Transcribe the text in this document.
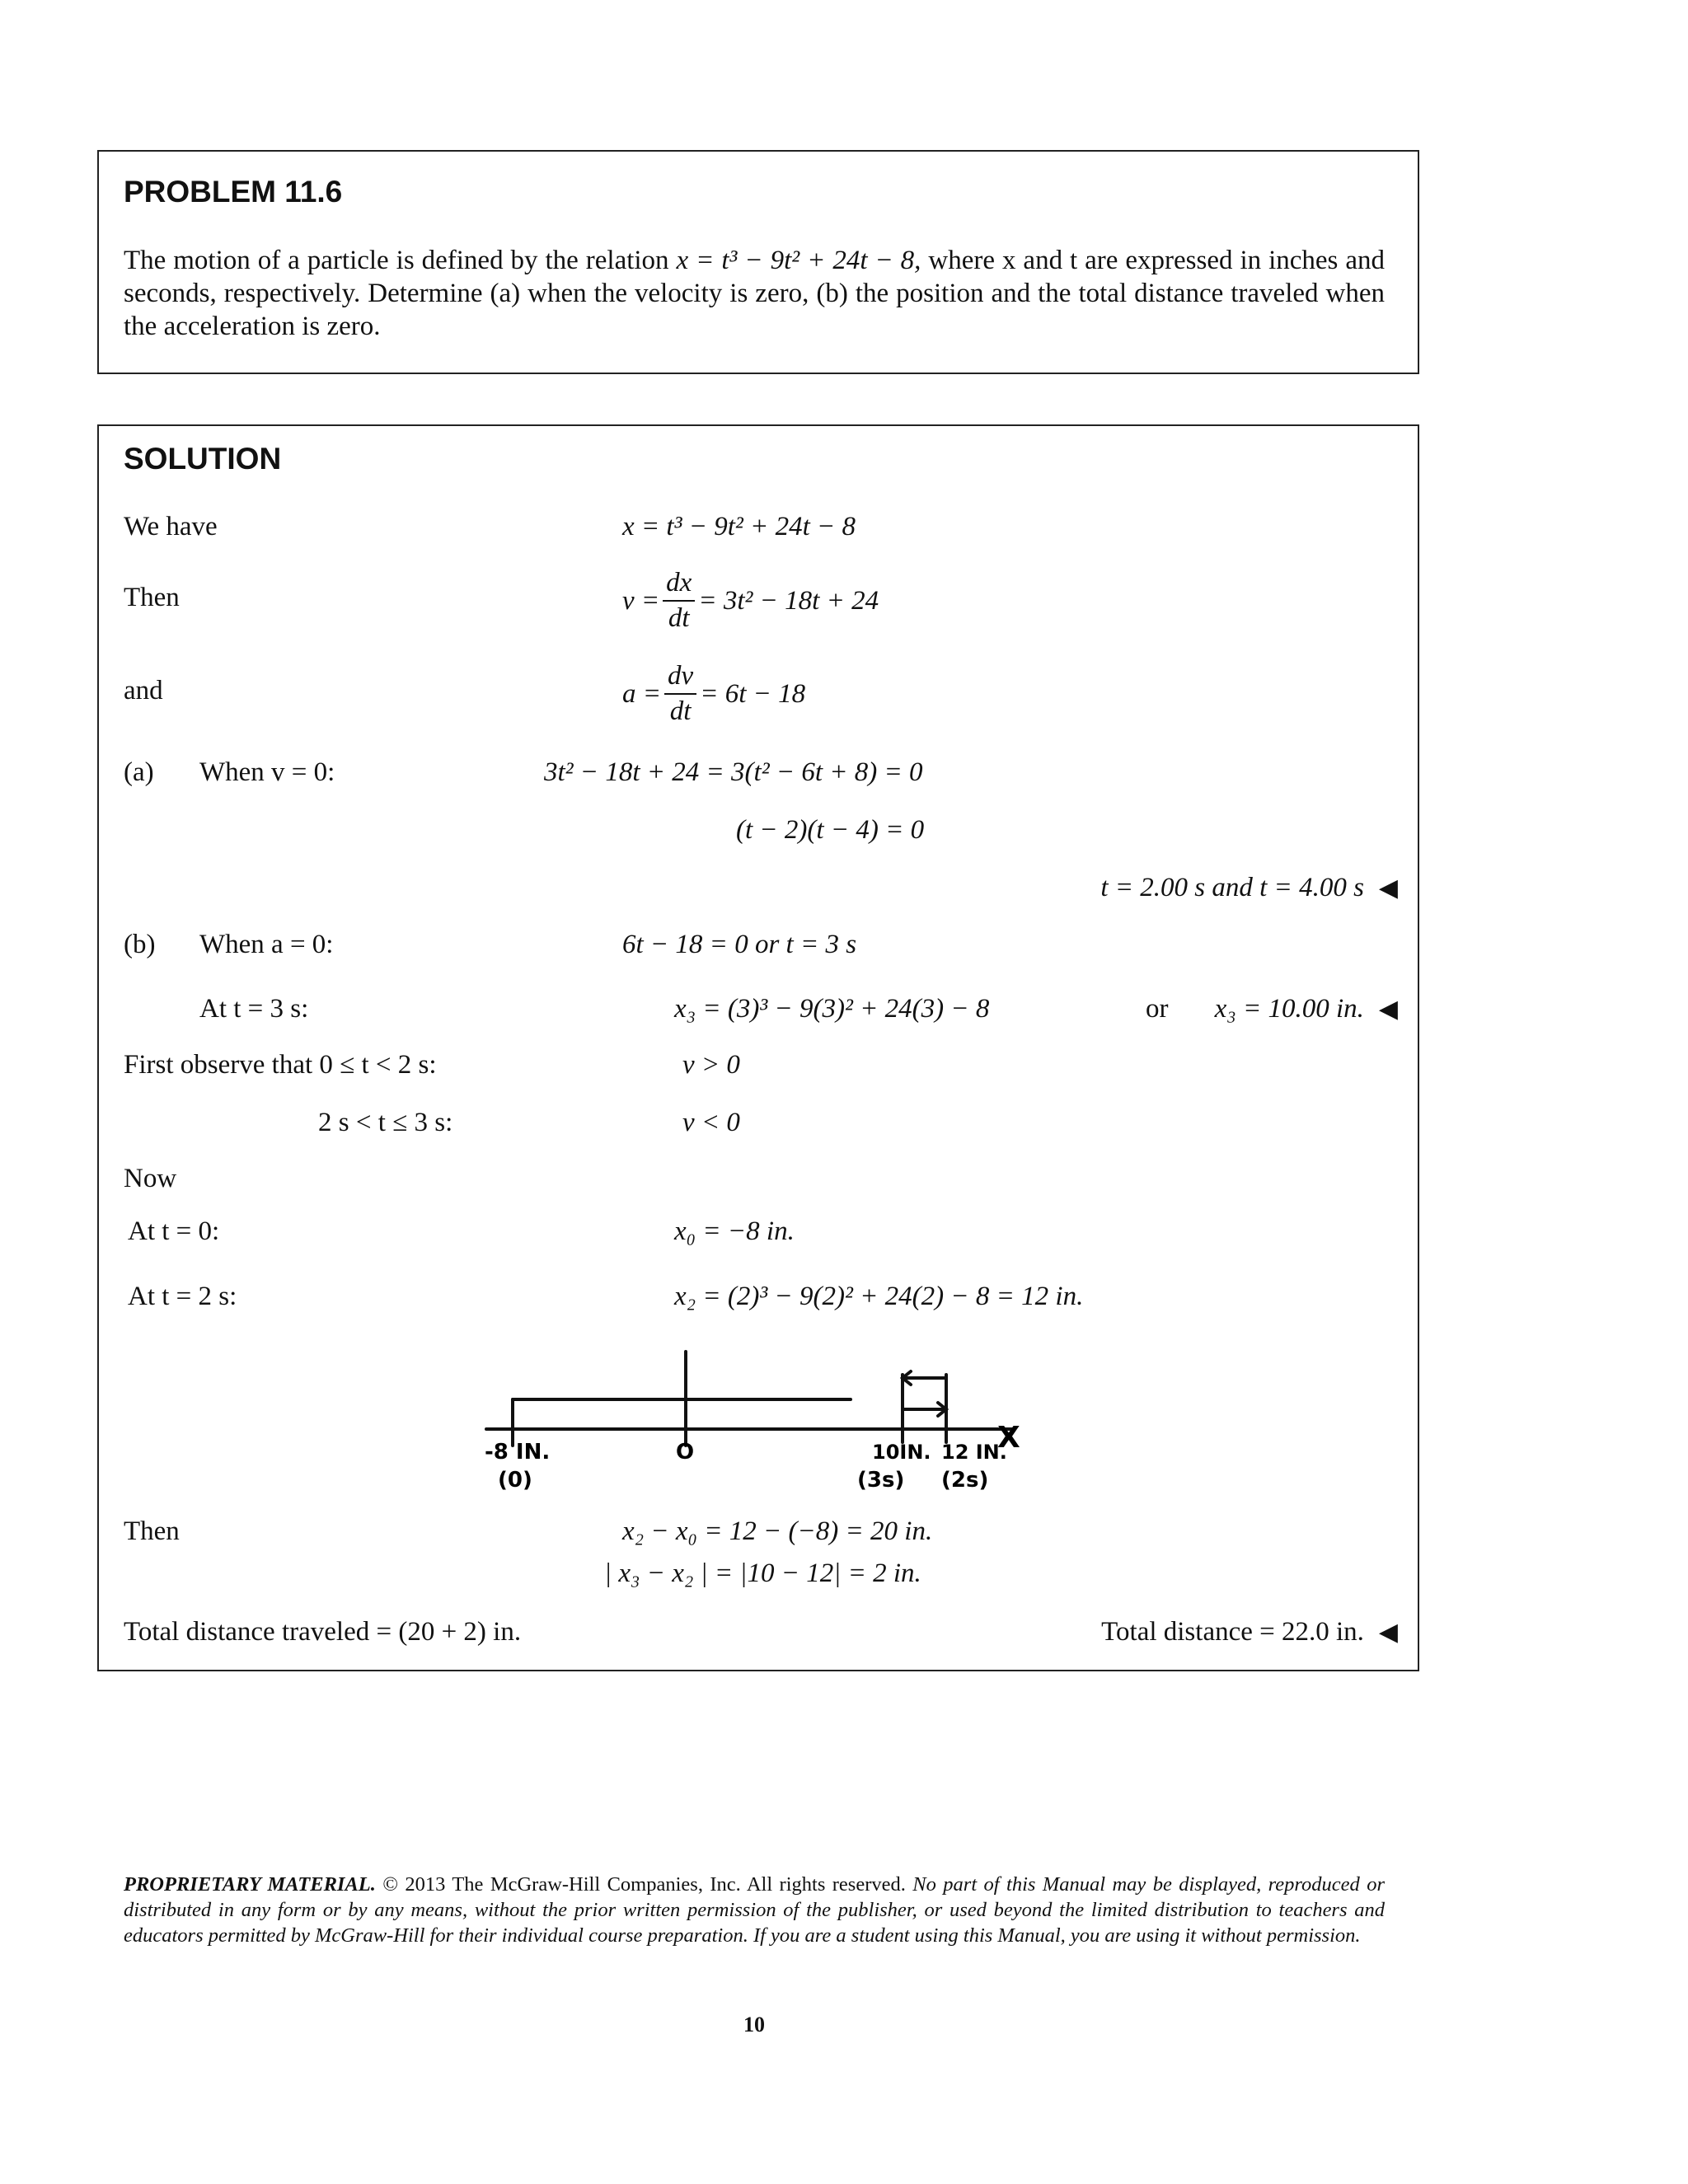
PROBLEM 11.6
The motion of a particle is defined by the relation x = t³ − 9t² + 24t − 8, where x and t are expressed in inches and seconds, respectively. Determine (a) when the velocity is zero, (b) the position and the total distance traveled when the acceleration is zero.
SOLUTION
We have	x = t³ − 9t² + 24t − 8
Then	$v = \frac{dx}{dt} = 3t^2 - 18t + 24$
and	$a = \frac{dv}{dt} = 6t - 18$
(a) When v = 0:	3t² − 18t + 24 = 3(t² − 6t + 8) = 0
(t − 2)(t − 4) = 0
t = 2.00 s and t = 4.00 s ◀
(b) When a = 0:	6t − 18 = 0 or t = 3 s
At t = 3 s:	x₃ = (3)³ − 9(3)² + 24(3) − 8	or x₃ = 10.00 in. ◀
First observe that 0 ≤ t < 2 s:	v > 0
2 s < t ≤ 3 s:	v < 0
Now
At t = 0:	x₀ = −8 in.
At t = 2 s:	x₂ = (2)³ − 9(2)² + 24(2) − 8 = 12 in.
X
-8 IN.
(0)
O	10IN. 12 IN.
(3s) (2s)
Then	x₂ − x₀ = 12 − (−8) = 20 in.
| x₃ − x₂ | = |10 − 12| = 2 in.
Total distance traveled = (20 + 2) in.	Total distance = 22.0 in. ◀
PROPRIETARY MATERIAL. © 2013 The McGraw-Hill Companies, Inc. All rights reserved. No part of this Manual may be displayed, reproduced or distributed in any form or by any means, without the prior written permission of the publisher, or used beyond the limited distribution to teachers and educators permitted by McGraw-Hill for their individual course preparation. If you are a student using this Manual, you are using it without permission.
10
